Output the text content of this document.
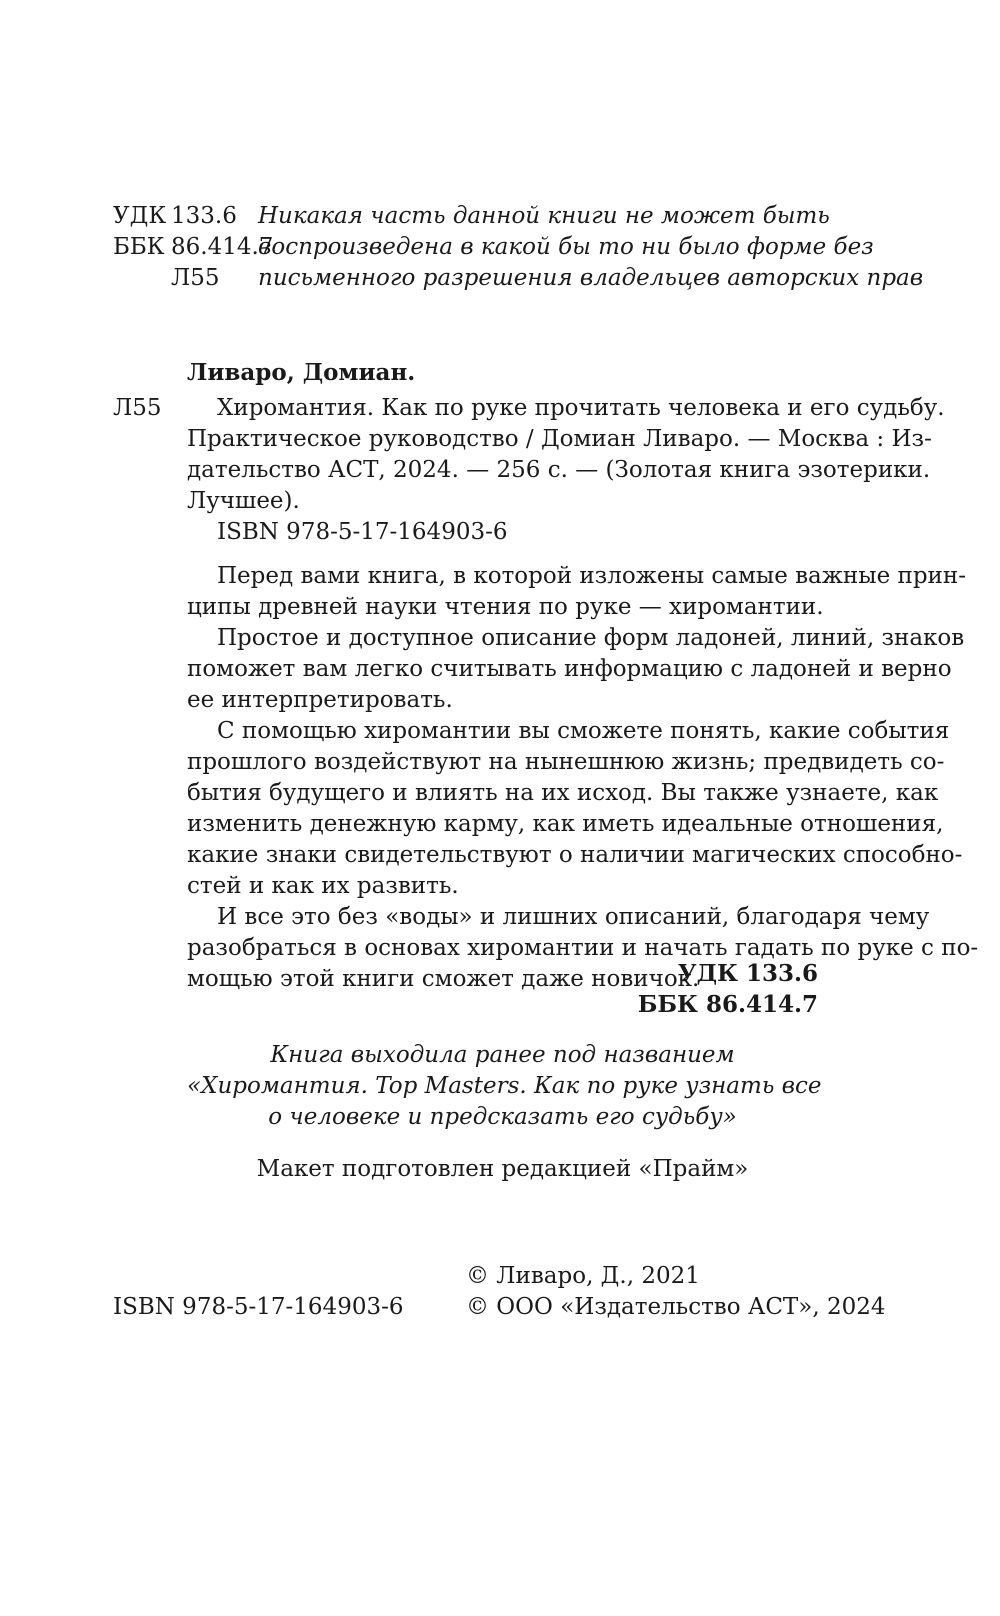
УДК 133.6
ББК 86.414.7
Л55
Никакая часть данной книги не может быть
воспроизведена в какой бы то ни было форме без
письменного разрешения владельцев авторских прав
Ливаро, Домиан.
Л55	Хиромантия. Как по руке прочитать человека и его судьбу.
Практическое руководство / Домиан Ливаро. — Москва : Из-
дательство АСТ, 2024. — 256 с. — (Золотая книга эзотерики.
Лучшее).
ISBN 978-5-17-164903-6
Перед вами книга, в которой изложены самые важные прин-
ципы древней науки чтения по руке — хиромантии.
Простое и доступное описание форм ладоней, линий, знаков
поможет вам легко считывать информацию с ладоней и верно
ее интерпретировать.
С помощью хиромантии вы сможете понять, какие события
прошлого воздействуют на нынешнюю жизнь; предвидеть со-
бытия будущего и влиять на их исход. Вы также узнаете, как
изменить денежную карму, как иметь идеальные отношения,
какие знаки свидетельствуют о наличии магических способно-
стей и как их развить.
И все это без «воды» и лишних описаний, благодаря чему
разобраться в основах хиромантии и начать гадать по руке с по-
мощью этой книги сможет даже новичок.
УДК 133.6
ББК 86.414.7
Книга выходила ранее под названием
«Хиромантия. Top Masters. Как по руке узнать все
о человеке и предсказать его судьбу»
Макет подготовлен редакцией «Прайм»
ISBN 978-5-17-164903-6
© Ливаро, Д., 2021
© ООО «Издательство АСТ», 2024
